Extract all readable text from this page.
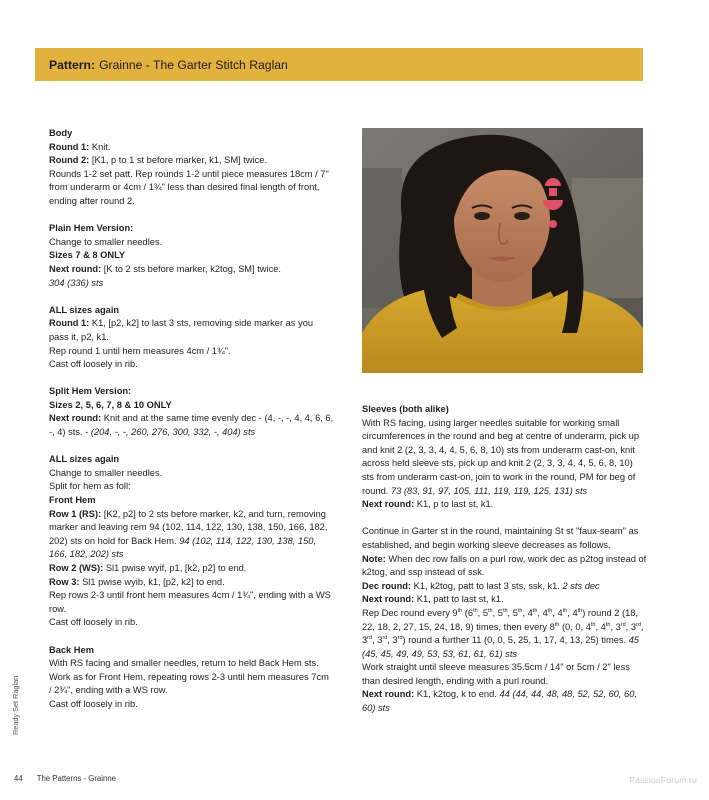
Pattern: Grainne - The Garter Stitch Raglan

Body

Round 1: Knit.

Round 2: [K1, p to 1 st before marker, k1, SM] twice.

Rounds 1-2 set patt. Rep rounds 1-2 until piece measures 18cm / 7" from underarm or 4cm / 1¾" less than desired final length of front, ending after round 2.

Plain Hem Version:

Change to smaller needles.

Sizes 7 & 8 ONLY

Next round: [K to 2 sts before marker, k2tog, SM] twice.

304 (336) sts

ALL sizes again

Round 1: K1, [p2, k2] to last 3 sts, removing side marker as you pass it, p2, k1.

Rep round 1 until hem measures 4cm / 1¾".

Cast off loosely in rib.

Split Hem Version:

Sizes 2, 5, 6, 7, 8 & 10 ONLY

Next round: Knit and at the same time evenly dec - (4, -, -, 4, 4, 6, 6, -, 4) sts. - (204, -, -, 260, 276, 300, 332, -, 404) sts

ALL sizes again

Change to smaller needles.

Split for hem as foll:

Front Hem

Row 1 (RS): [K2, p2] to 2 sts before marker, k2, and turn, removing marker and leaving rem 94 (102, 114, 122, 130, 138, 150, 166, 182, 202) sts on hold for Back Hem. 94 (102, 114, 122, 130, 138, 150, 166, 182, 202) sts

Row 2 (WS): Sl1 pwise wyif, p1, [k2, p2] to end.

Row 3: Sl1 pwise wyib, k1, [p2, k2] to end.

Rep rows 2-3 until front hem measures 4cm / 1¾", ending with a WS row.

Cast off loosely in rib.

Back Hem

With RS facing and smaller needles, return to held Back Hem sts. Work as for Front Hem, repeating rows 2-3 until hem measures 7cm / 2¾", ending with a WS row.

Cast off loosely in rib.

Sleeves (both alike)

With RS facing, using larger needles suitable for working small circumferences in the round and beg at centre of underarm, pick up and knit 2 (2, 3, 3, 4, 4, 5, 6, 8, 10) sts from underarm cast-on, knit across held sleeve sts, pick up and knit 2 (2, 3, 3, 4, 4, 5, 6, 8, 10) sts from underarm cast-on, join to work in the round, PM for beg of round. 73 (83, 91, 97, 105, 111, 119, 119, 125, 131) sts

Next round: K1, p to last st, k1.

Continue in Garter st in the round, maintaining St st "faux-seam" as established, and begin working sleeve decreases as follows.

Note: When dec row falls on a purl row, work dec as p2tog instead of k2tog, and ssp instead of ssk.

Dec round: K1, k2tog, patt to last 3 sts, ssk, k1. 2 sts dec

Next round: K1, patt to last st, k1.

Rep Dec round every 9th (6th, 5th, 5th, 5th, 4th, 4th, 4th, 4th) round 2 (18, 22, 18, 2, 27, 15, 24, 18, 9) times, then every 8th (0, 0, 4th, 4th, 3rd, 3rd, 3rd, 3rd, 3rd) round a further 11 (0, 0, 5, 25, 1, 17, 4, 13, 25) times. 45 (45, 45, 49, 49, 53, 53, 61, 61, 61) sts

Work straight until sleeve measures 35.5cm / 14" or 5cm / 2" less than desired length, ending with a purl round.

Next round: K1, k2tog, k to end. 44 (44, 44, 48, 48, 52, 52, 60, 60, 60) sts

Ready Set Raglan
44 The Patterns - Grainne	PassionForum.ru
